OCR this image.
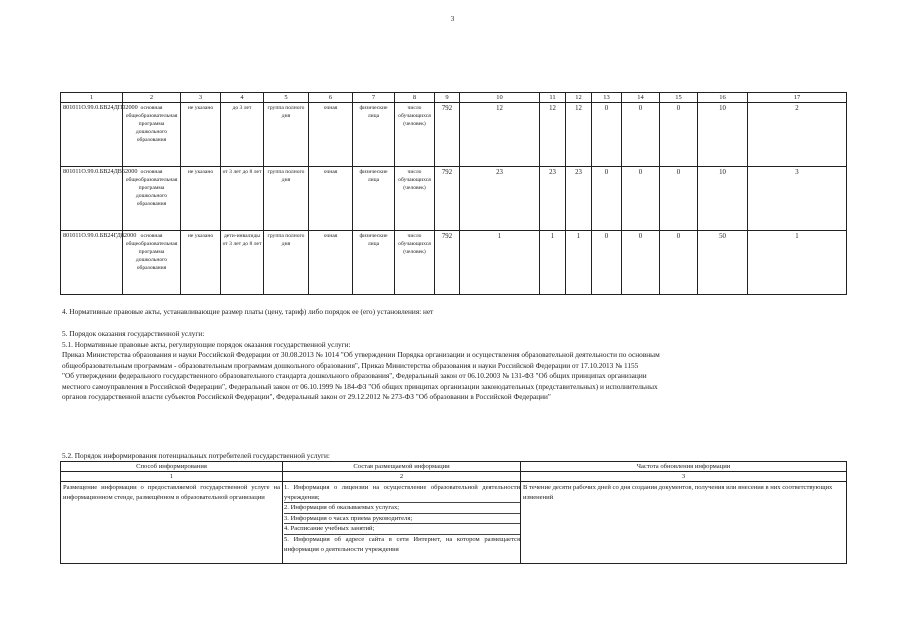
3
1	2	3	4	5	6	7	8	9	10	11	12	13	14	15	16	17
801011О.99.0.БВ24ДП02000	основная общеобразовательная программа дошкольного образования	не указано	до 3 лет	группа полного дня	очная	физические лица	число обучающихся (человек)	792	12	12	12	0	0	0	10	2
801011О.99.0.БВ24ДВ62000	основная общеобразовательная программа дошкольного образования	не указано	от 3 лет до 8 лет	группа полного дня	очная	физические лица	число обучающихся (человек)	792	23	23	23	0	0	0	10	3
801011О.99.0.БВ24ГД82000	основная общеобразовательная программа дошкольного образования	не указано	дети-инвалиды от 3 лет до 8 лет	группа полного дня	очная	физические лица	число обучающихся (человек)	792	1	1	1	0	0	0	50	1
4. Нормативные правовые акты, устанавливающие размер платы (цену, тариф) либо порядок ее (его) установления: нет
5. Порядок оказания государственной услуги:
5.1. Нормативные правовые акты, регулирующие порядок оказания государственной услуги:
Приказ Министерства образования и науки Российской Федерации от 30.08.2013 № 1014 "Об утверждении Порядка организации и осуществления образовательной деятельности по основным
общеобразовательным программам - образовательным программам дошкольного образования", Приказ Министерства образования и науки Российской Федерации от 17.10.2013 № 1155
"Об утверждении федерального государственного образовательного стандарта дошкольного образования", Федеральный закон от 06.10.2003 № 131-ФЗ "Об общих принципах организации
местного самоуправления в Российской Федерации", Федеральный закон от 06.10.1999 № 184-ФЗ "Об общих принципах организации законодательных (представительных) и исполнительных
органов государственной власти субъектов Российской Федерации", Федеральный закон от 29.12.2012 № 273-ФЗ "Об образовании в Российской Федерации"
5.2. Порядок информирования потенциальных потребителей государственной услуги:
Способ информирования	Состав размещаемой информации	Частота обновления информации
1	2	3
Размещение информации о предоставляемой государственной услуге на информационном стенде, размещённом в образовательной организации	1. Информация о лицензии на осуществление образовательной деятельности учреждения;
2. Информация об оказываемых услугах;
3. Информация о часах приема руководителя;
4. Расписание учебных занятий;
5. Информация об адресе сайта в сети Интернет, на котором размещается информация о деятельности учреждения	В течение десяти рабочих дней со дня создания документов, получения или внесения в них соответствующих изменений
